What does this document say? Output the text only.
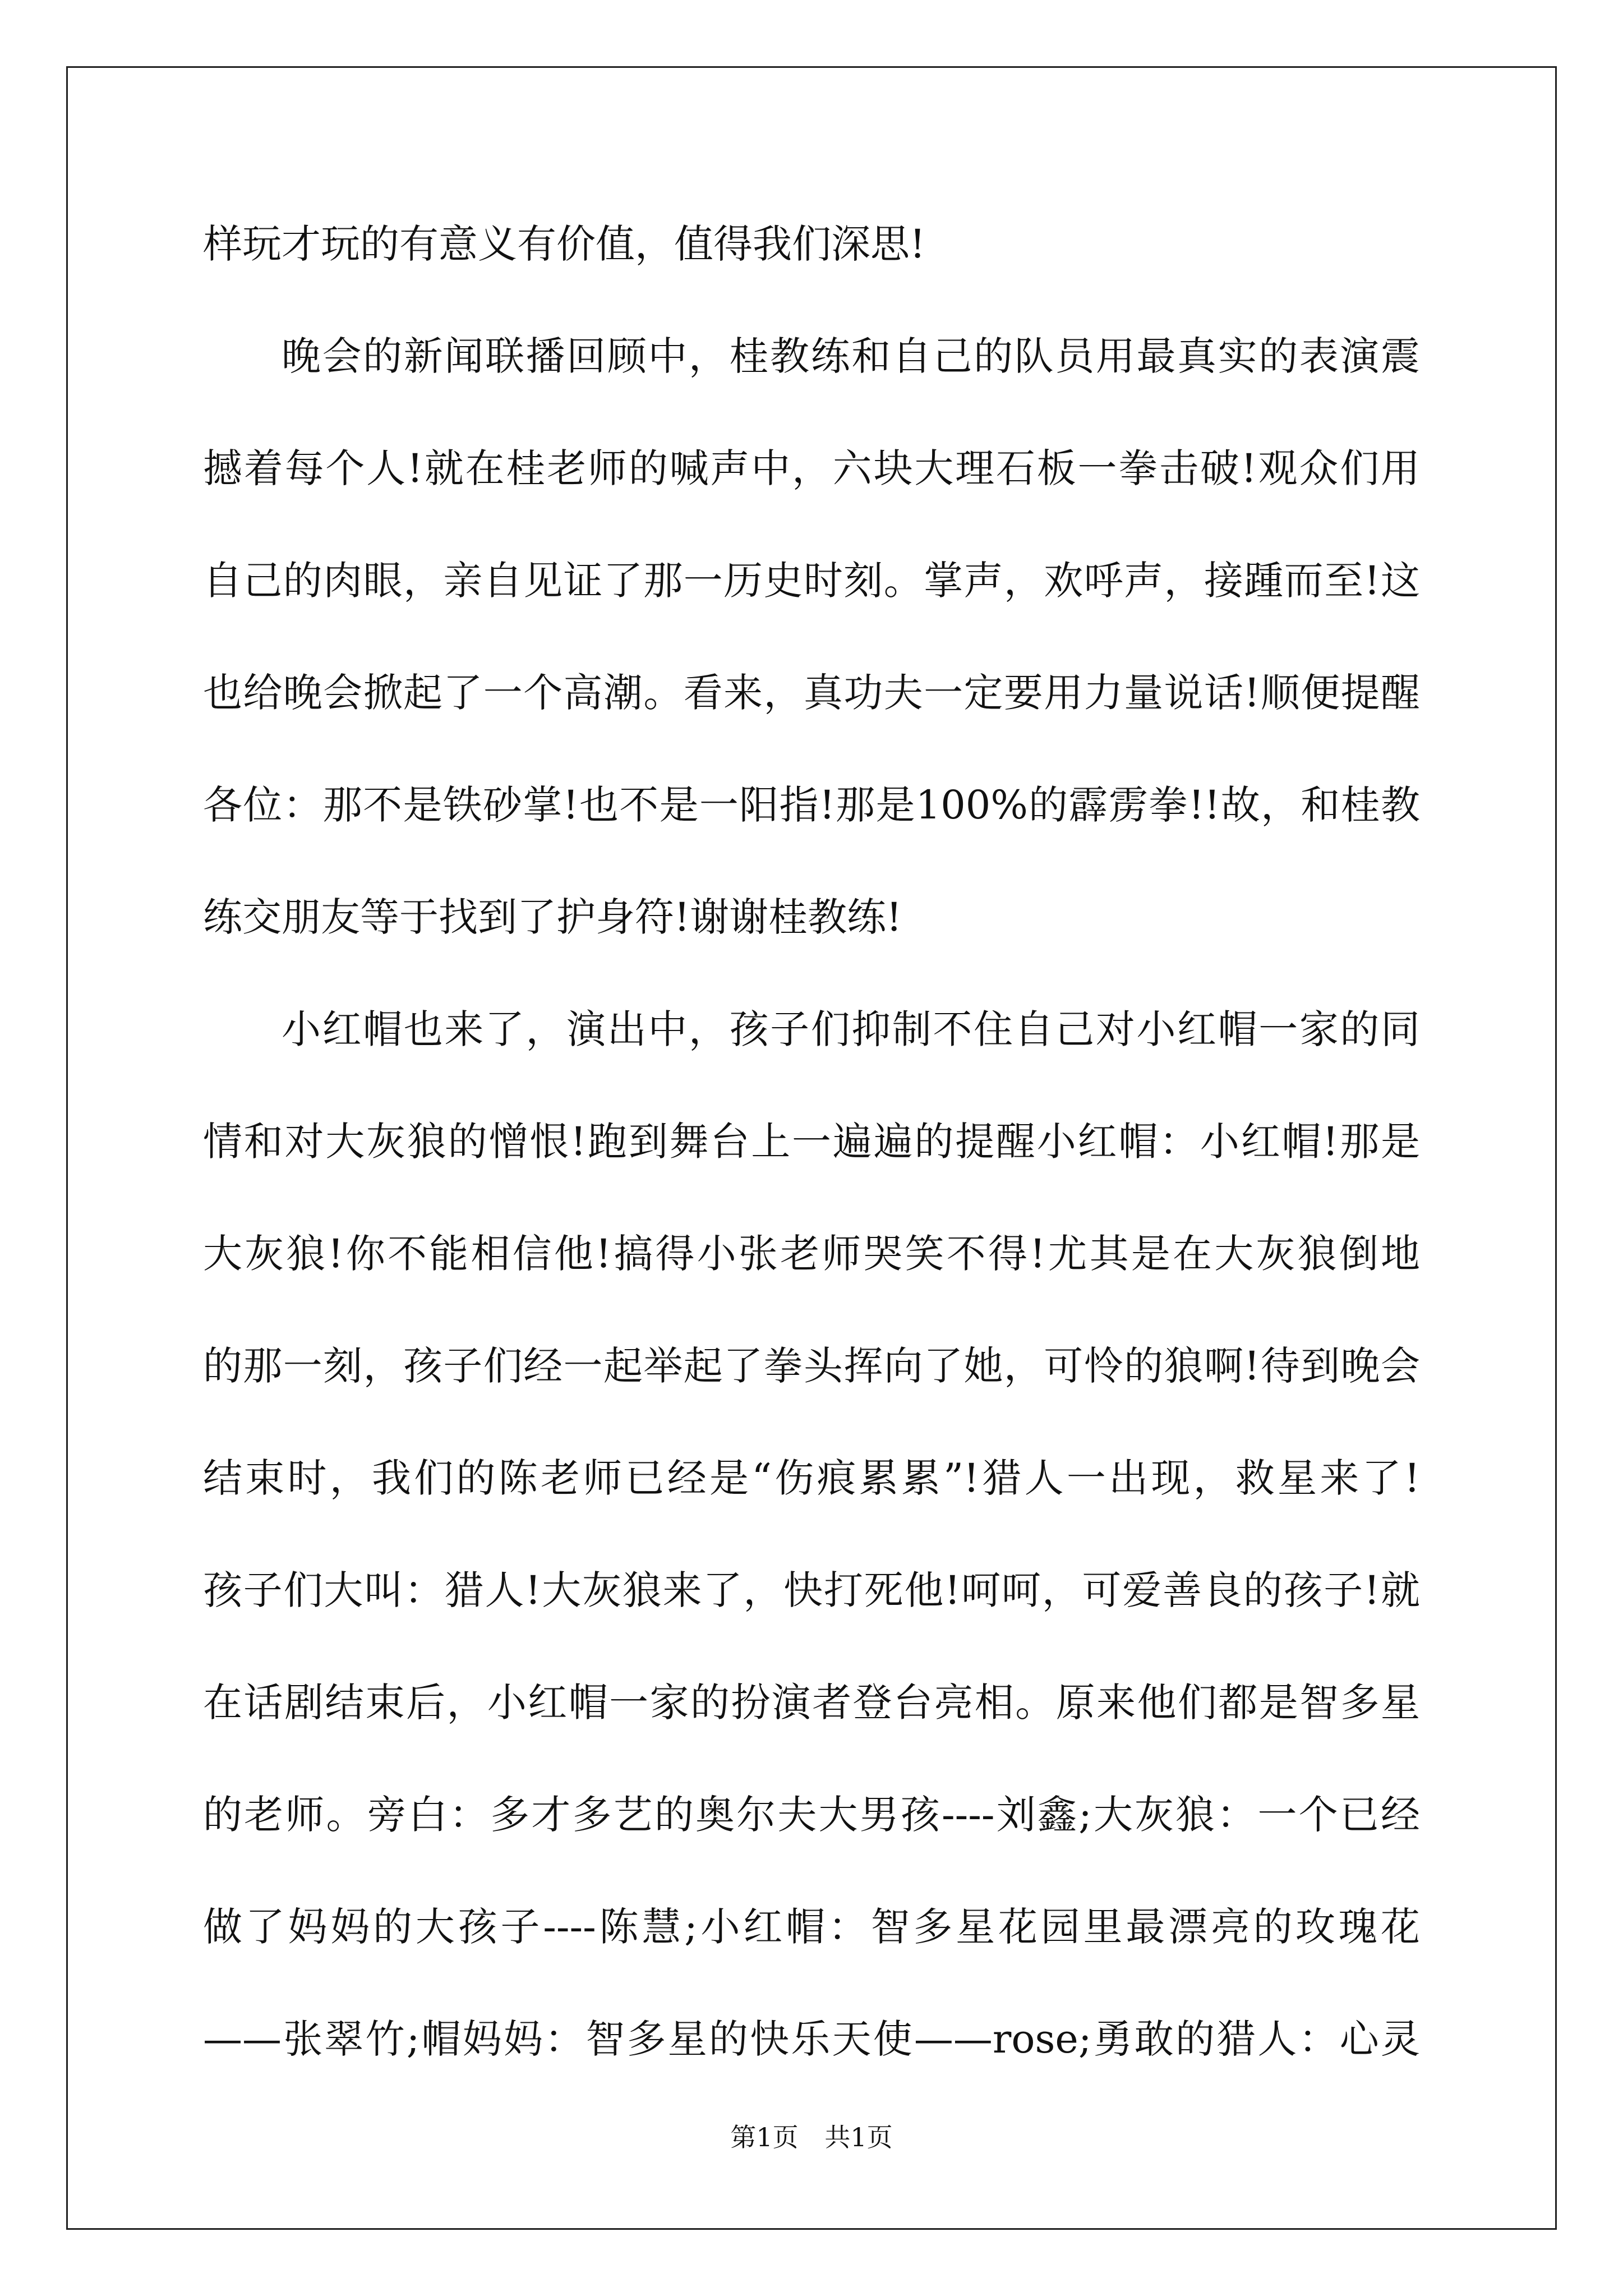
样玩才玩的有意义有价值，值得我们深思!
晚会的新闻联播回顾中，桂教练和自己的队员用最真实的表演震
撼着每个人!就在桂老师的喊声中，六块大理石板一拳击破!观众们用
自己的肉眼，亲自见证了那一历史时刻。掌声，欢呼声，接踵而至!这
也给晚会掀起了一个高潮。看来，真功夫一定要用力量说话!顺便提醒
各位：那不是铁砂掌!也不是一阳指!那是100%的霹雳拳!!故，和桂教
练交朋友等于找到了护身符!谢谢桂教练!
小红帽也来了，演出中，孩子们抑制不住自己对小红帽一家的同
情和对大灰狼的憎恨!跑到舞台上一遍遍的提醒小红帽：小红帽!那是
大灰狼!你不能相信他!搞得小张老师哭笑不得!尤其是在大灰狼倒地
的那一刻，孩子们经一起举起了拳头挥向了她，可怜的狼啊!待到晚会
结束时，我们的陈老师已经是“伤痕累累”!猎人一出现，救星来了!
孩子们大叫：猎人!大灰狼来了，快打死他!呵呵，可爱善良的孩子!就
在话剧结束后，小红帽一家的扮演者登台亮相。原来他们都是智多星
的老师。旁白：多才多艺的奥尔夫大男孩----刘鑫;大灰狼：一个已经
做了妈妈的大孩子----陈慧;小红帽：智多星花园里最漂亮的玫瑰花
——张翠竹;帽妈妈：智多星的快乐天使——rose;勇敢的猎人：心灵
第1页 共1页
